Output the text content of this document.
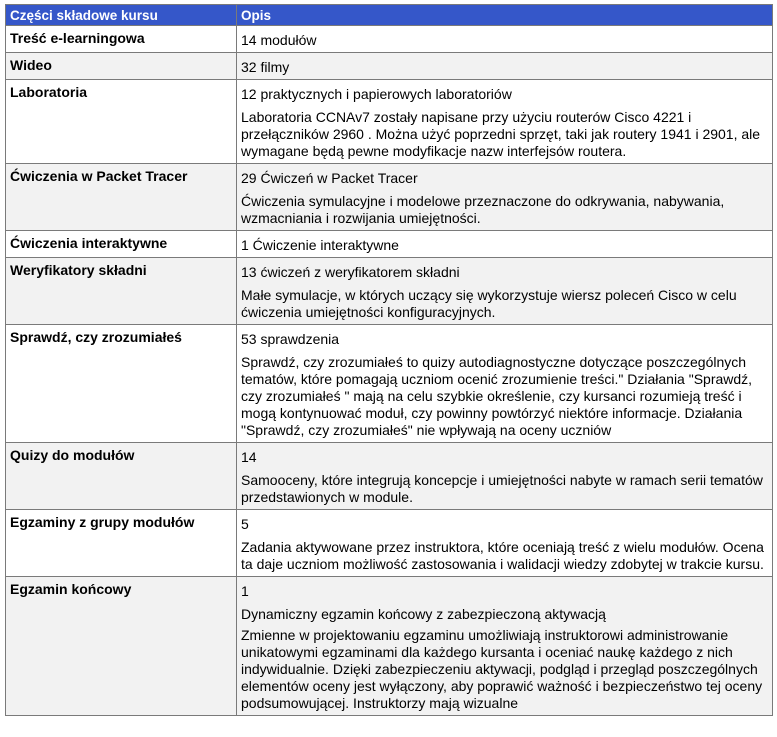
Części składowe kursu	Opis
Treść e-learningowa	14 modułów

Wideo	32 filmy

Laboratoria	12 praktycznych i papierowych laboratoriów

Laboratoria CCNAv7 zostały napisane przy użyciu routerów Cisco 4221 i przełączników 2960 . Można użyć poprzedni sprzęt, taki jak routery 1941 i 2901, ale wymagane będą pewne modyfikacje nazw interfejsów routera.

Ćwiczenia w Packet Tracer	29 Ćwiczeń w Packet Tracer

Ćwiczenia symulacyjne i modelowe przeznaczone do odkrywania, nabywania, wzmacniania i rozwijania umiejętności.

Ćwiczenia interaktywne	1 Ćwiczenie interaktywne

Weryfikatory składni	13 ćwiczeń z weryfikatorem składni

Małe symulacje, w których uczący się wykorzystuje wiersz poleceń Cisco w celu ćwiczenia umiejętności konfiguracyjnych.

Sprawdź, czy zrozumiałeś	53 sprawdzenia

Sprawdź, czy zrozumiałeś to quizy autodiagnostyczne dotyczące poszczególnych tematów, które pomagają uczniom ocenić zrozumienie treści." Działania "Sprawdź, czy zrozumiałeś " mają na celu szybkie określenie, czy kursanci rozumieją treść i mogą kontynuować moduł, czy powinny powtórzyć niektóre informacje. Działania "Sprawdź, czy zrozumiałeś" nie wpływają na oceny uczniów

Quizy do modułów	14

Samooceny, które integrują koncepcje i umiejętności nabyte w ramach serii tematów przedstawionych w module.

Egzaminy z grupy modułów	5

Zadania aktywowane przez instruktora, które oceniają treść z wielu modułów. Ocena ta daje uczniom możliwość zastosowania i walidacji wiedzy zdobytej w trakcie kursu.

Egzamin końcowy	1

Dynamiczny egzamin końcowy z zabezpieczoną aktywacją

Zmienne w projektowaniu egzaminu umożliwiają instruktorowi administrowanie unikatowymi egzaminami dla każdego kursanta i oceniać naukę każdego z nich indywidualnie. Dzięki zabezpieczeniu aktywacji, podgląd i przegląd poszczególnych elementów oceny jest wyłączony, aby poprawić ważność i bezpieczeństwo tej oceny podsumowującej. Instruktorzy mają wizualne
